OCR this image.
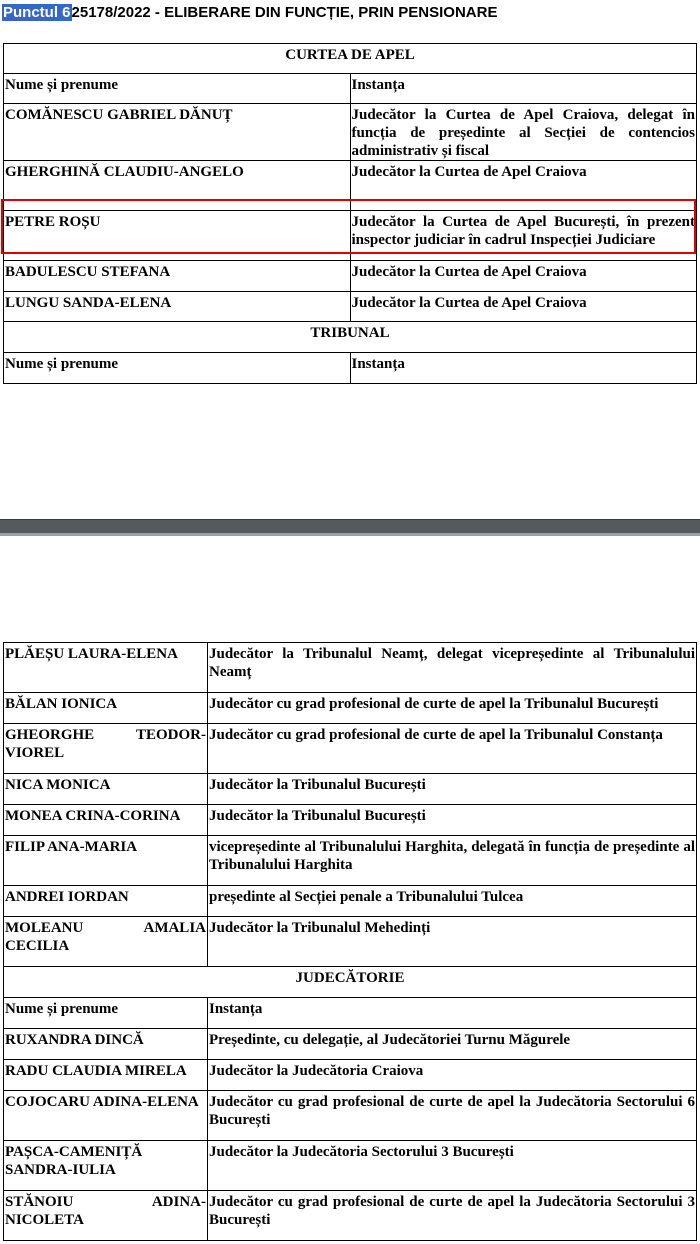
Punctul 625178/2022 - ELIBERARE DIN FUNCȚIE, PRIN PENSIONARE
CURTEA DE APEL	
Nume și prenume	Instanța
COMĂNESCU GABRIEL DĂNUȚ	Judecător la Curtea de Apel Craiova, delegat în funcția de președinte al Secției de contencios administrativ și fiscal
GHERGHINĂ CLAUDIU-ANGELO	Judecător la Curtea de Apel Craiova
PETRE ROȘU	Judecător la Curtea de Apel București, în prezent inspector judiciar în cadrul Inspecției Judiciare
BADULESCU STEFANA	Judecător la Curtea de Apel Craiova
LUNGU SANDA-ELENA	Judecător la Curtea de Apel Craiova
TRIBUNAL	
Nume și prenume	Instanța
PLĂEȘU LAURA-ELENA	Judecător la Tribunalul Neamț, delegat vicepreședinte al Tribunalului Neamț
BĂLAN IONICA	Judecător cu grad profesional de curte de apel la Tribunalul București
GHEORGHE TEODOR-VIOREL	Judecător cu grad profesional de curte de apel la Tribunalul Constanța
NICA MONICA	Judecător la Tribunalul București
MONEA CRINA-CORINA	Judecător la Tribunalul București
FILIP ANA-MARIA	vicepreședinte al Tribunalului Harghita, delegată în funcția de președinte al Tribunalului Harghita
ANDREI IORDAN	președinte al Secției penale a Tribunalului Tulcea
MOLEANU AMALIA CECILIA	Judecător la Tribunalul Mehedinți
JUDECĂTORIE	
Nume și prenume	Instanța
RUXANDRA DINCĂ	Președinte, cu delegație, al Judecătoriei Turnu Măgurele
RADU CLAUDIA MIRELA	Judecător la Judecătoria Craiova
COJOCARU ADINA-ELENA	Judecător cu grad profesional de curte de apel la Judecătoria Sectorului 6 București
PAȘCA-CAMENIȚĂ SANDRA-IULIA	Judecător la Judecătoria Sectorului 3 București
STĂNOIU ADINA-NICOLETA	Judecător cu grad profesional de curte de apel la Judecătoria Sectorului 3 București
